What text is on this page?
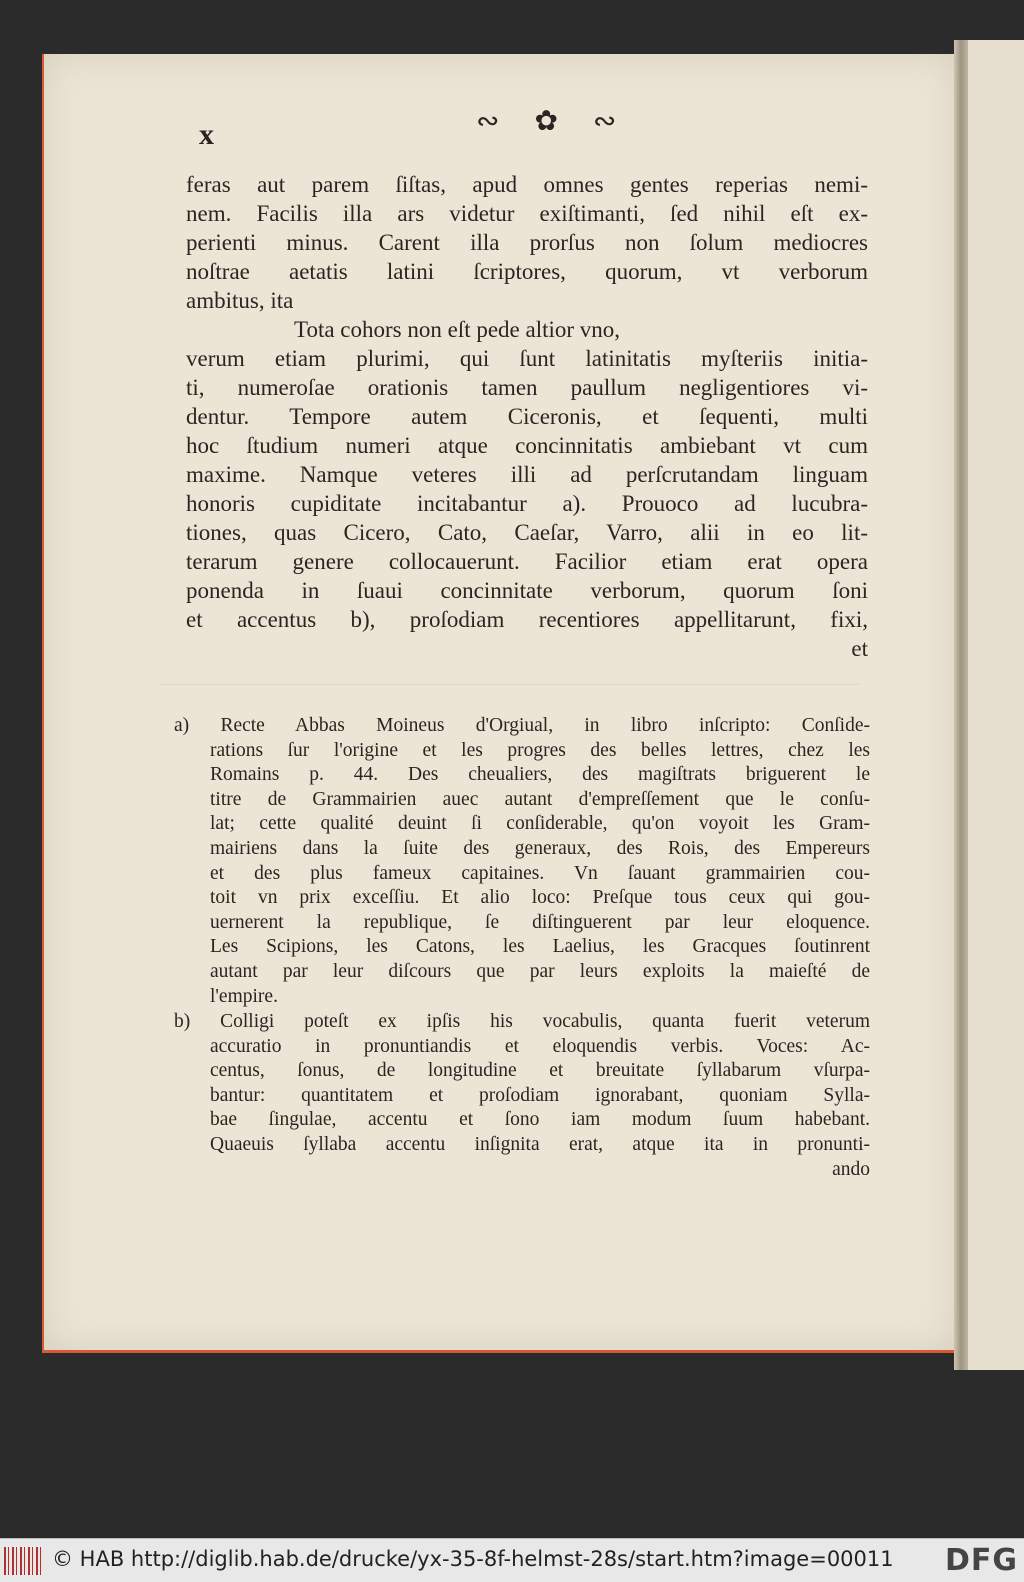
x	∾ ✿ ∾
feras aut parem ſiſtas, apud omnes gentes reperias nemi-
nem. Facilis illa ars videtur exiſtimanti, ſed nihil eſt ex-
perienti minus. Carent illa prorſus non ſolum mediocres
noſtrae aetatis latini ſcriptores, quorum, vt verborum
ambitus, ita
Tota cohors non eſt pede altior vno,
verum etiam plurimi, qui ſunt latinitatis myſteriis initia-
ti, numeroſae orationis tamen paullum negligentiores vi-
dentur. Tempore autem Ciceronis, et ſequenti, multi
hoc ſtudium numeri atque concinnitatis ambiebant vt cum
maxime. Namque veteres illi ad perſcrutandam linguam
honoris cupiditate incitabantur a). Prouoco ad lucubra-
tiones, quas Cicero, Cato, Caeſar, Varro, alii in eo lit-
terarum genere collocauerunt. Facilior etiam erat opera
ponenda in ſuaui concinnitate verborum, quorum ſoni
et accentus b), proſodiam recentiores appellitarunt, fixi,
et
a) Recte Abbas Moineus d'Orgiual, in libro inſcripto: Conſide-
rations ſur l'origine et les progres des belles lettres, chez les
Romains p. 44. Des cheualiers, des magiſtrats briguerent le
titre de Grammairien auec autant d'empreſſement que le conſu-
lat; cette qualité deuint ſi conſiderable, qu'on voyoit les Gram-
mairiens dans la ſuite des generaux, des Rois, des Empereurs
et des plus fameux capitaines. Vn ſauant grammairien cou-
toit vn prix exceſſiu. Et alio loco: Preſque tous ceux qui gou-
uernerent la republique, ſe diſtinguerent par leur eloquence.
Les Scipions, les Catons, les Laelius, les Gracques ſoutinrent
autant par leur diſcours que par leurs exploits la maieſté de
l'empire.
b) Colligi poteſt ex ipſis his vocabulis, quanta fuerit veterum
accuratio in pronuntiandis et eloquendis verbis. Voces: Ac-
centus, ſonus, de longitudine et breuitate ſyllabarum vſurpa-
bantur: quantitatem et proſodiam ignorabant, quoniam Sylla-
bae ſingulae, accentu et ſono iam modum ſuum habebant.
Quaeuis ſyllaba accentu inſignita erat, atque ita in pronunti-
ando
© HAB http://diglib.hab.de/drucke/yx-35-8f-helmst-28s/start.htm?image=00011 DFG
